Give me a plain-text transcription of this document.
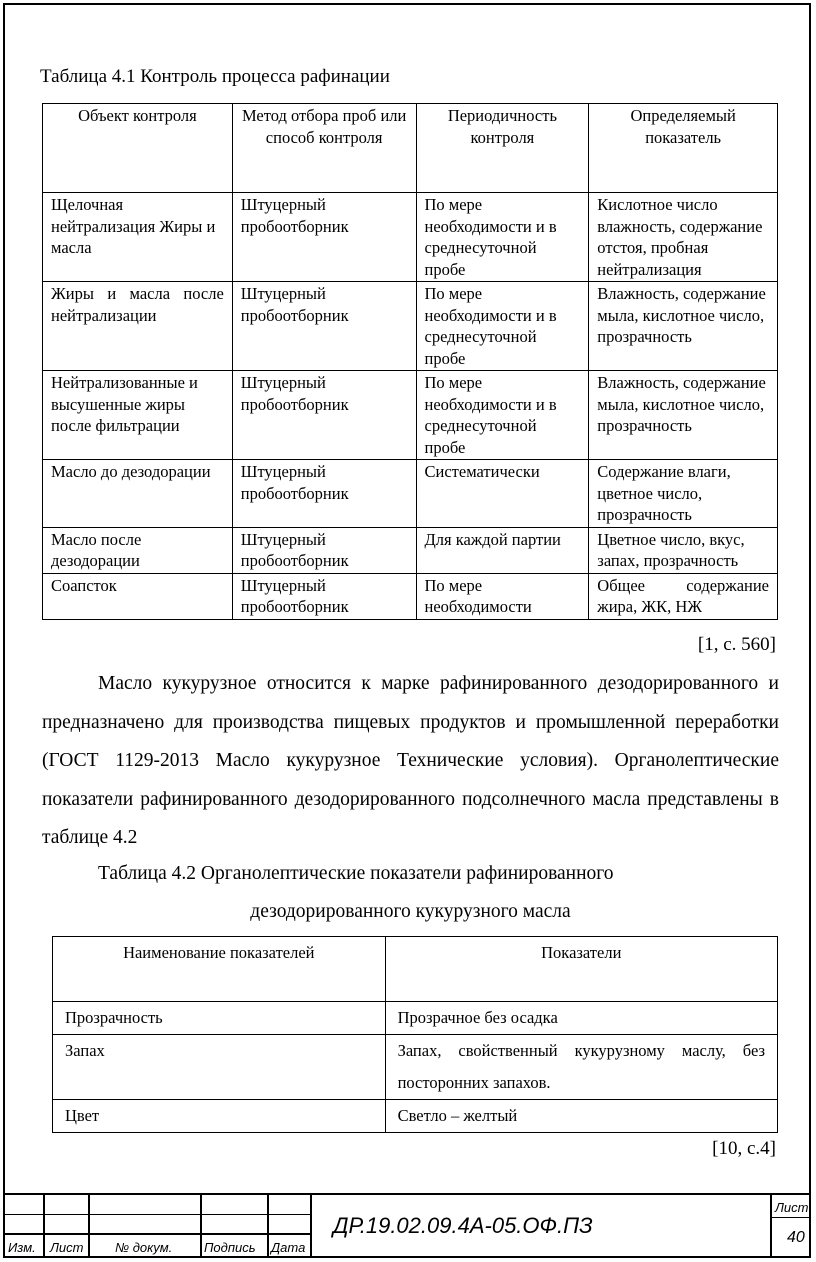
Таблица 4.1 Контроль процесса рафинации
Объект контроля	Метод отбора проб или способ контроля	Периодичность контроля	Определяемый показатель
Щелочная нейтрализация Жиры и масла	Штуцерный пробоотборник	По мере необходимости и в среднесуточной пробе	Кислотное число влажность, содержание отстоя, пробная нейтрализация
Жиры и масла после нейтрализации	Штуцерный пробоотборник	По мере необходимости и в среднесуточной пробе	Влажность, содержание мыла, кислотное число, прозрачность
Нейтрализованные и высушенные жиры после фильтрации	Штуцерный пробоотборник	По мере необходимости и в среднесуточной пробе	Влажность, содержание мыла, кислотное число, прозрачность
Масло до дезодорации	Штуцерный пробоотборник	Систематически	Содержание влаги, цветное число, прозрачность
Масло после дезодорации	Штуцерный пробоотборник	Для каждой партии	Цветное число, вкус, запах, прозрачность
Соапсток	Штуцерный пробоотборник	По мере необходимости	Общее содержание жира, ЖК, НЖ
[1, с. 560]
Масло кукурузное относится к марке рафинированного дезодорированного и предназначено для производства пищевых продуктов и промышленной переработки (ГОСТ 1129-2013 Масло кукурузное Технические условия). Органолептические показатели рафинированного дезодорированного подсолнечного масла представлены в таблице 4.2
Таблица 4.2 Органолептические показатели рафинированного
дезодорированного кукурузного масла
Наименование показателей	Показатели
Прозрачность	Прозрачное без осадка
Запах	Запах, свойственный кукурузному маслу, без посторонних запахов.
Цвет	Светло – желтый
[10, с.4]
Изм. Лист № докум. Подпись Дата
ДР.19.02.09.4А-05.ОФ.ПЗ
Лист
40
